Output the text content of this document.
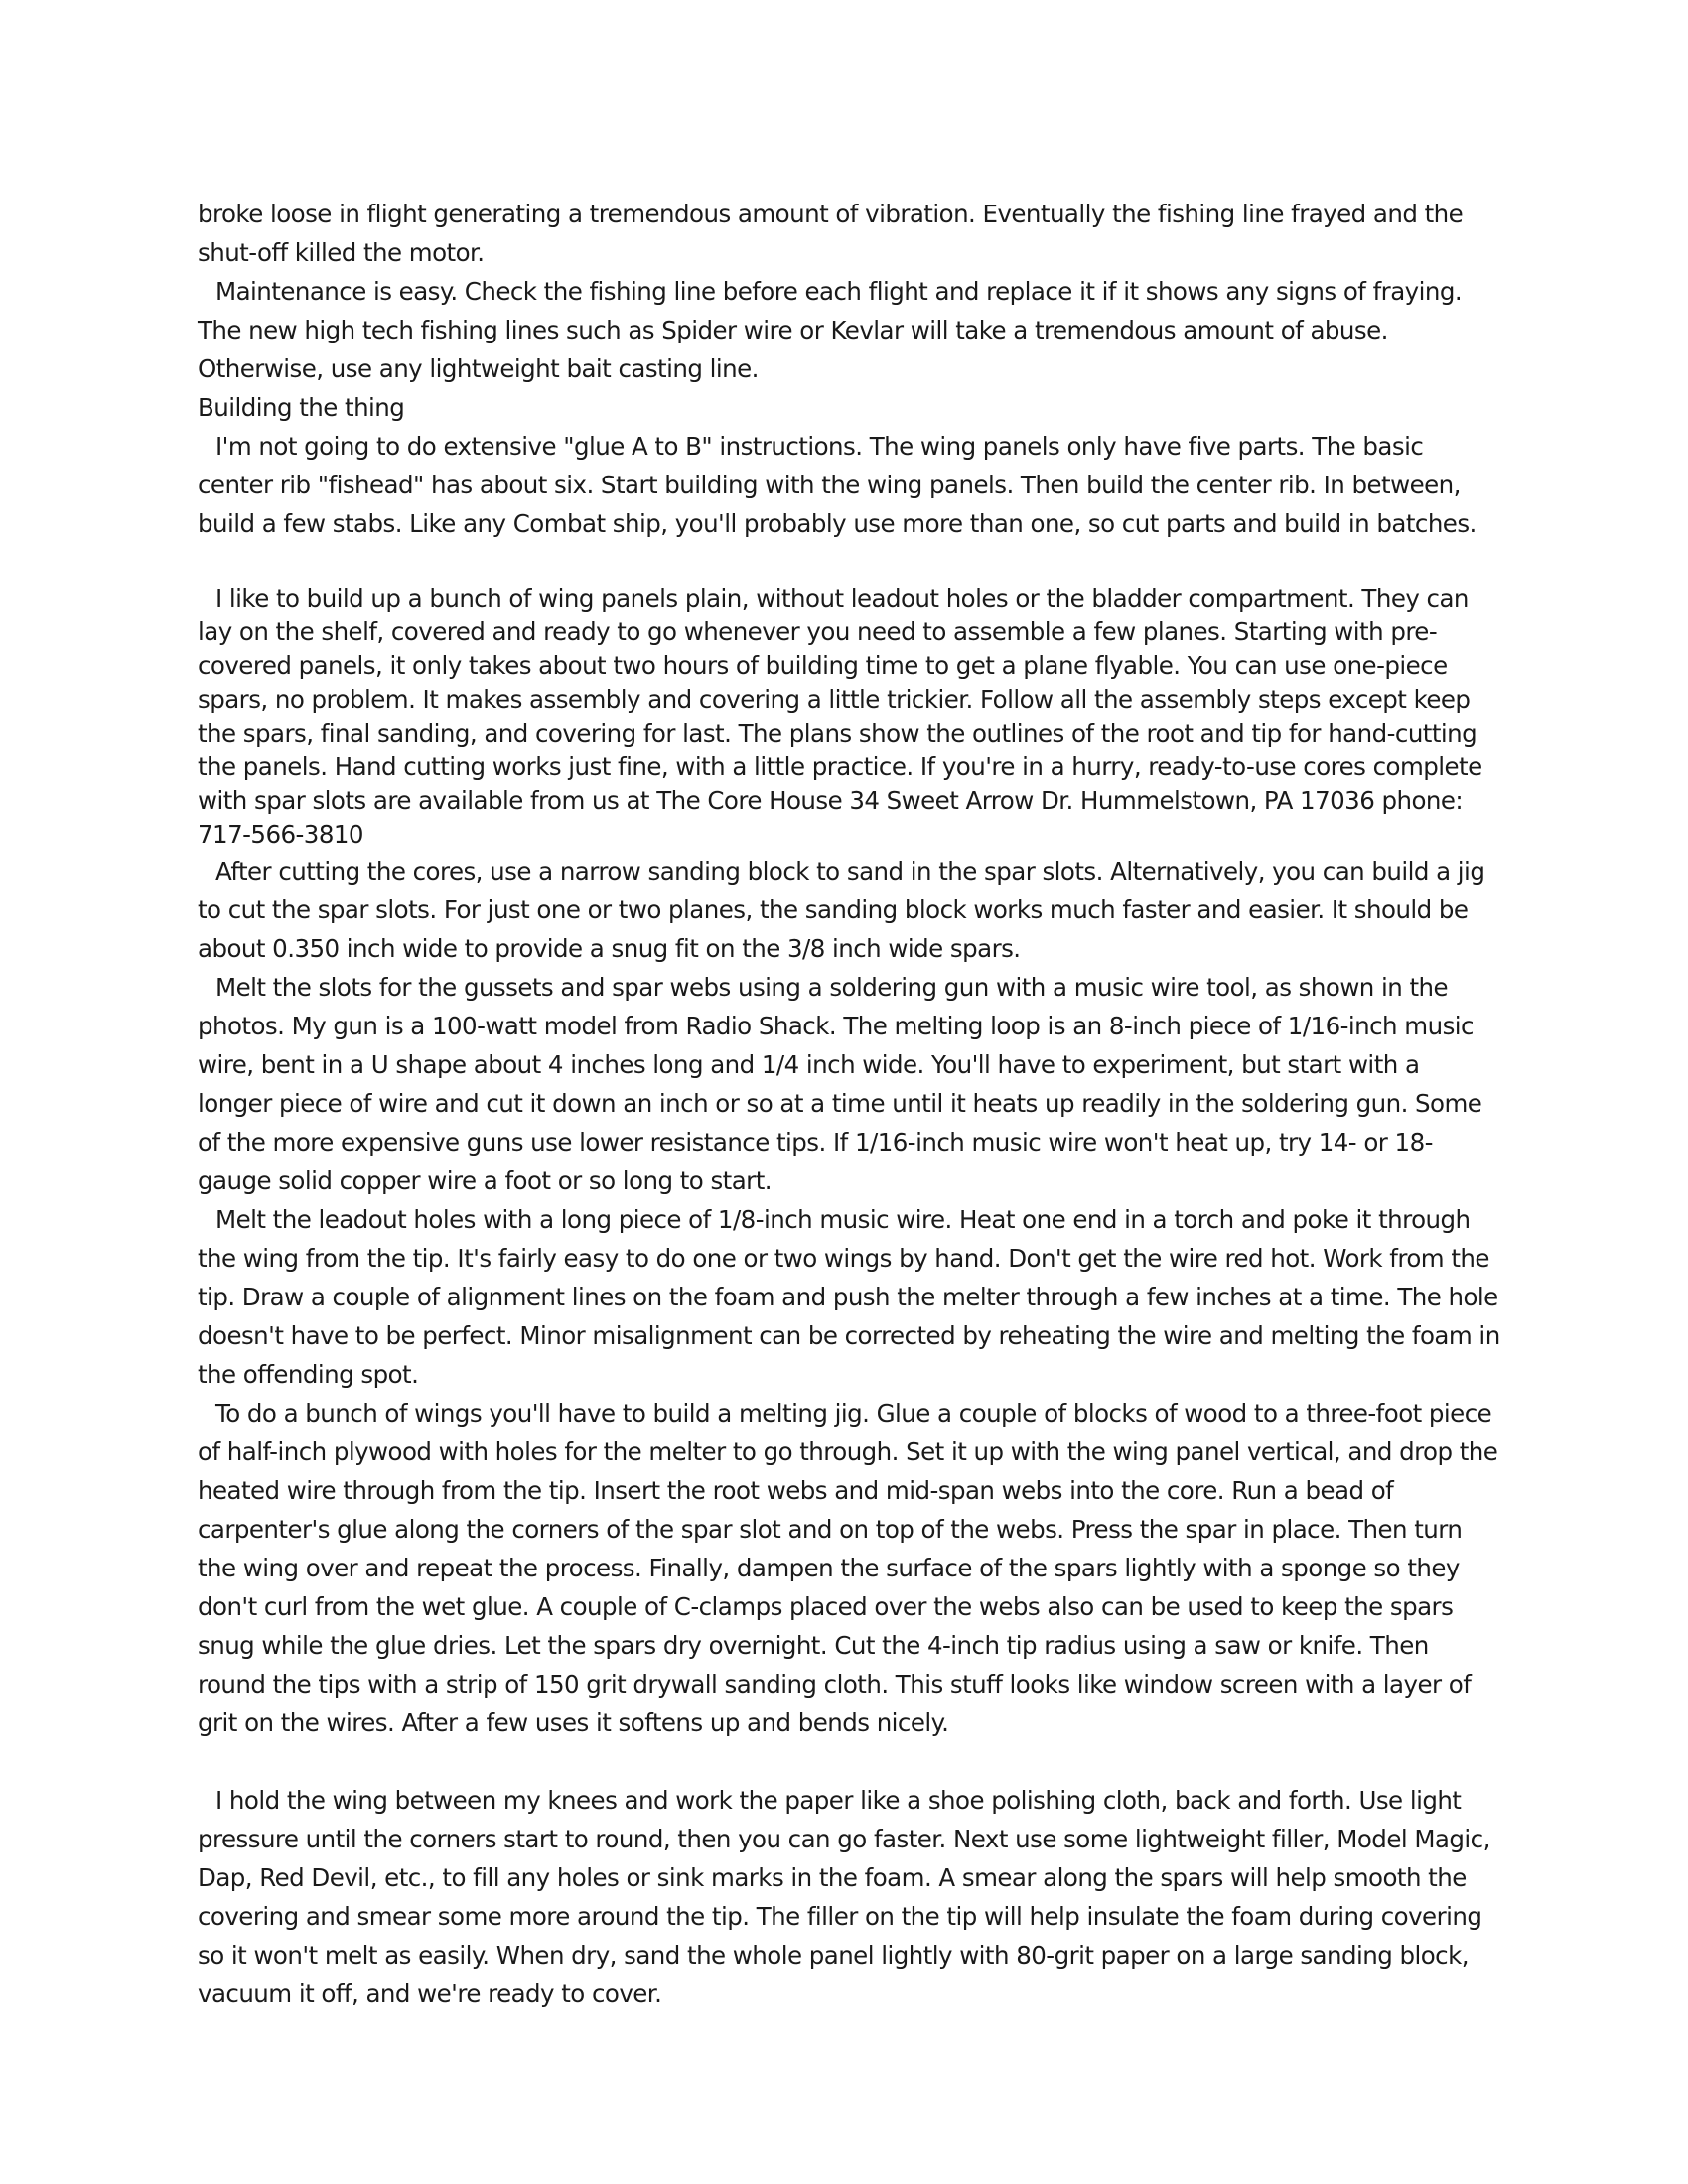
broke loose in flight generating a tremendous amount of vibration. Eventually the fishing line frayed and the shut-off killed the motor.

Maintenance is easy. Check the fishing line before each flight and replace it if it shows any signs of fraying. The new high tech fishing lines such as Spider wire or Kevlar will take a tremendous amount of abuse. Otherwise, use any lightweight bait casting line.

Building the thing

I'm not going to do extensive "glue A to B" instructions. The wing panels only have five parts. The basic center rib "fishead" has about six. Start building with the wing panels. Then build the center rib. In between, build a few stabs. Like any Combat ship, you'll probably use more than one, so cut parts and build in batches.

I like to build up a bunch of wing panels plain, without leadout holes or the bladder compartment. They can lay on the shelf, covered and ready to go whenever you need to assemble a few planes. Starting with pre-covered panels, it only takes about two hours of building time to get a plane flyable. You can use one-piece spars, no problem. It makes assembly and covering a little trickier. Follow all the assembly steps except keep the spars, final sanding, and covering for last. The plans show the outlines of the root and tip for hand-cutting the panels. Hand cutting works just fine, with a little practice. If you're in a hurry, ready-to-use cores complete with spar slots are available from us at The Core House 34 Sweet Arrow Dr. Hummelstown, PA 17036 phone: 717-566-3810

After cutting the cores, use a narrow sanding block to sand in the spar slots. Alternatively, you can build a jig to cut the spar slots. For just one or two planes, the sanding block works much faster and easier. It should be about 0.350 inch wide to provide a snug fit on the 3/8 inch wide spars.

Melt the slots for the gussets and spar webs using a soldering gun with a music wire tool, as shown in the photos. My gun is a 100-watt model from Radio Shack. The melting loop is an 8-inch piece of 1/16-inch music wire, bent in a U shape about 4 inches long and 1/4 inch wide. You'll have to experiment, but start with a longer piece of wire and cut it down an inch or so at a time until it heats up readily in the soldering gun. Some of the more expensive guns use lower resistance tips. If 1/16-inch music wire won't heat up, try 14- or 18-gauge solid copper wire a foot or so long to start.

Melt the leadout holes with a long piece of 1/8-inch music wire. Heat one end in a torch and poke it through the wing from the tip. It's fairly easy to do one or two wings by hand. Don't get the wire red hot. Work from the tip. Draw a couple of alignment lines on the foam and push the melter through a few inches at a time. The hole doesn't have to be perfect. Minor misalignment can be corrected by reheating the wire and melting the foam in the offending spot.

To do a bunch of wings you'll have to build a melting jig. Glue a couple of blocks of wood to a three-foot piece of half-inch plywood with holes for the melter to go through. Set it up with the wing panel vertical, and drop the heated wire through from the tip. Insert the root webs and mid-span webs into the core. Run a bead of carpenter's glue along the corners of the spar slot and on top of the webs. Press the spar in place. Then turn the wing over and repeat the process. Finally, dampen the surface of the spars lightly with a sponge so they don't curl from the wet glue. A couple of C-clamps placed over the webs also can be used to keep the spars snug while the glue dries. Let the spars dry overnight. Cut the 4-inch tip radius using a saw or knife. Then round the tips with a strip of 150 grit drywall sanding cloth. This stuff looks like window screen with a layer of grit on the wires. After a few uses it softens up and bends nicely.

I hold the wing between my knees and work the paper like a shoe polishing cloth, back and forth. Use light pressure until the corners start to round, then you can go faster. Next use some lightweight filler, Model Magic, Dap, Red Devil, etc., to fill any holes or sink marks in the foam. A smear along the spars will help smooth the covering and smear some more around the tip. The filler on the tip will help insulate the foam during covering so it won't melt as easily. When dry, sand the whole panel lightly with 80-grit paper on a large sanding block, vacuum it off, and we're ready to cover.
